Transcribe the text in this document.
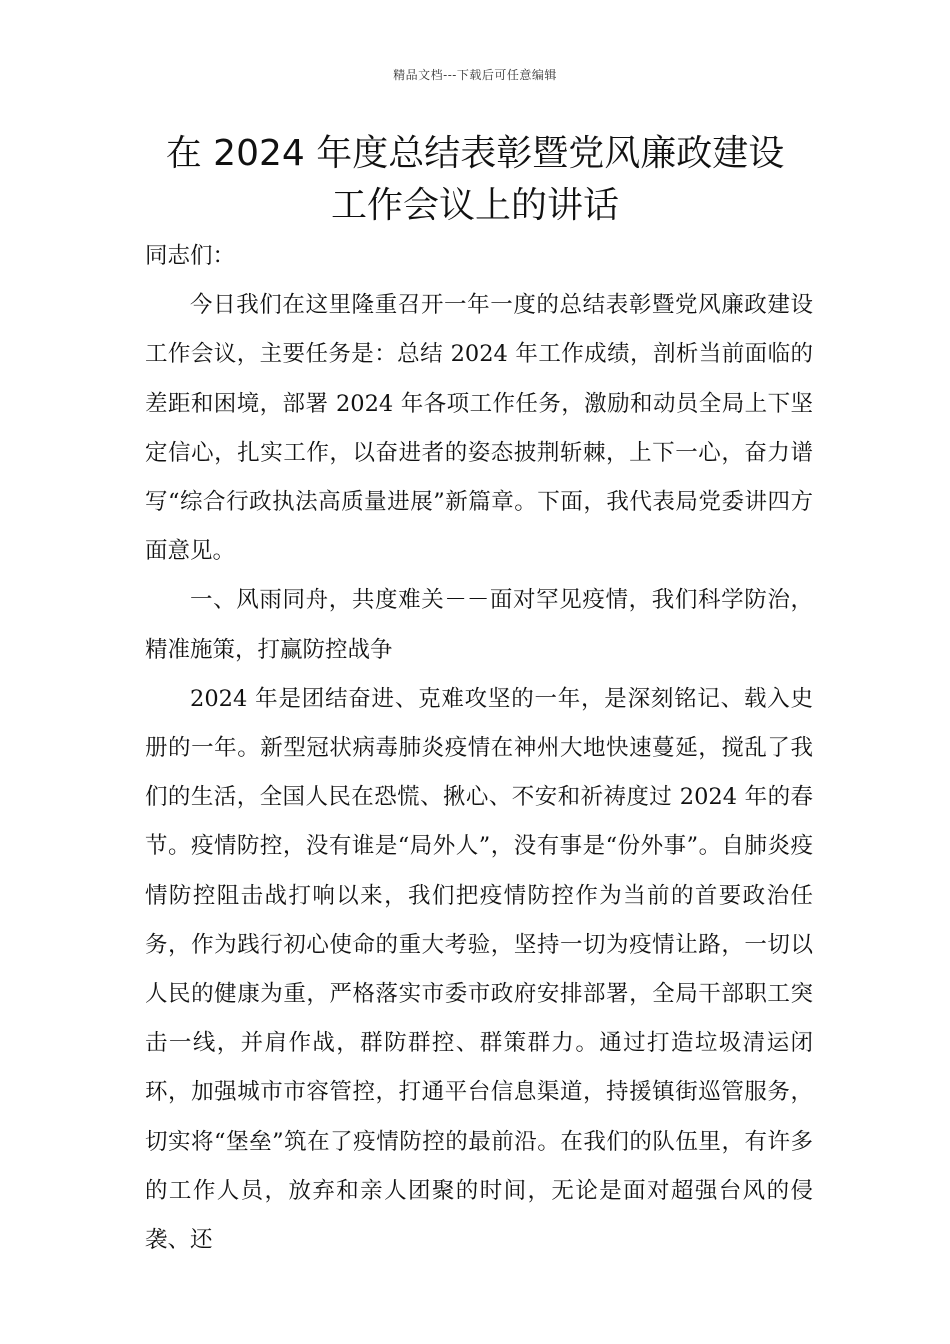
精品文档---下载后可任意编辑
在 2024 年度总结表彰暨党风廉政建设
工作会议上的讲话

同志们：

今日我们在这里隆重召开一年一度的总结表彰暨党风廉政建设工作会议，主要任务是：总结 2024 年工作成绩，剖析当前面临的差距和困境，部署 2024 年各项工作任务，激励和动员全局上下坚定信心，扎实工作，以奋进者的姿态披荆斩棘，上下一心，奋力谱写“综合行政执法高质量进展”新篇章。下面，我代表局党委讲四方面意见。

一、风雨同舟，共度难关－－面对罕见疫情，我们科学防治，精准施策，打赢防控战争

2024 年是团结奋进、克难攻坚的一年，是深刻铭记、载入史册的一年。新型冠状病毒肺炎疫情在神州大地快速蔓延，搅乱了我们的生活，全国人民在恐慌、揪心、不安和祈祷度过 2024 年的春节。疫情防控，没有谁是“局外人”，没有事是“份外事”。自肺炎疫情防控阻击战打响以来，我们把疫情防控作为当前的首要政治任务，作为践行初心使命的重大考验，坚持一切为疫情让路，一切以人民的健康为重，严格落实市委市政府安排部署，全局干部职工突击一线，并肩作战，群防群控、群策群力。通过打造垃圾清运闭环，加强城市市容管控，打通平台信息渠道，持援镇街巡管服务，切实将“堡垒”筑在了疫情防控的最前沿。在我们的队伍里，有许多的工作人员，放弃和亲人团聚的时间，无论是面对超强台风的侵袭、还
